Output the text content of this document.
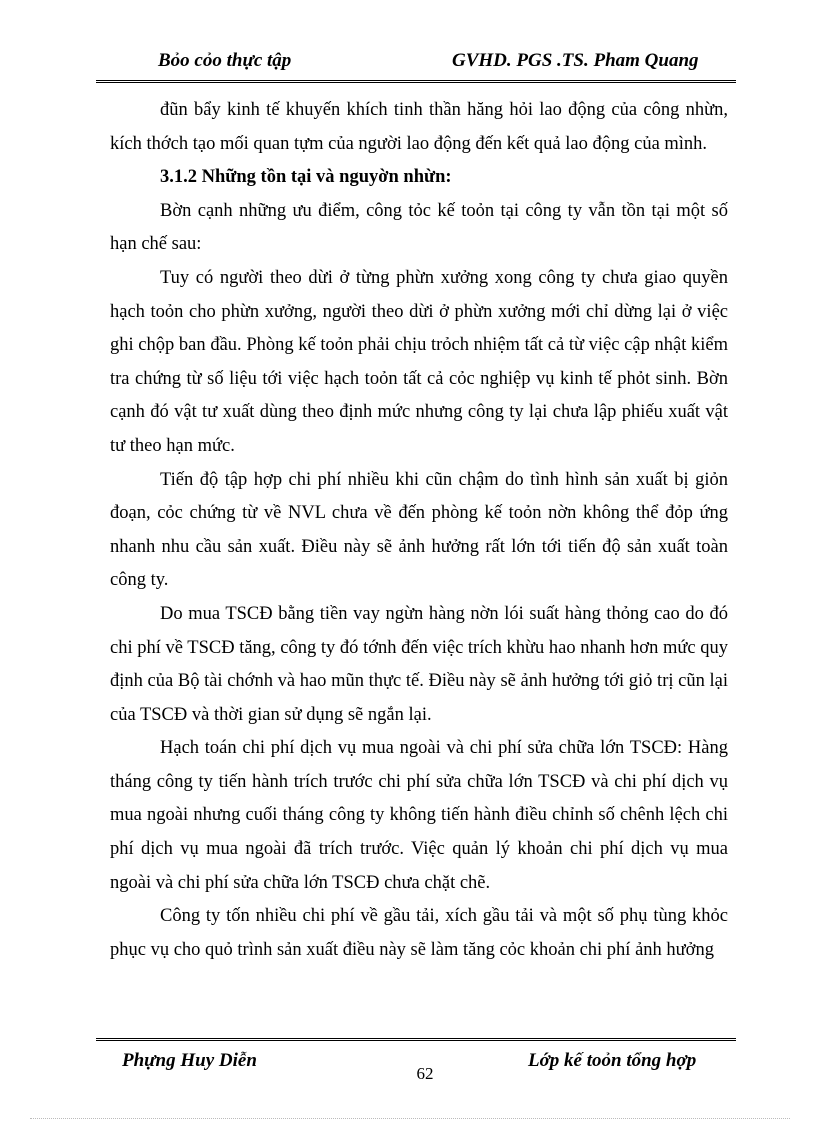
Bỏo cỏo thực tập	GVHD. PGS .TS. Pham Quang

đũn bẩy kinh tế khuyến khích tinh thần hăng hỏi lao động của công nhừn, kích thớch tạo mối quan tựm của người lao động đến kết quả lao động của mình.

3.1.2 Những tồn tại và nguyờn nhừn:

Bờn cạnh những ưu điểm, công tỏc kế toỏn tại công ty vẫn tồn tại một số hạn chế sau:

Tuy có người theo dừi ở từng phừn xưởng xong công ty chưa giao quyền hạch toỏn cho phừn xưởng, người theo dừi ở phừn xưởng mới chỉ dừng lại ở việc ghi chộp ban đầu. Phòng kế toỏn phải chịu trỏch nhiệm tất cả từ việc cập nhật kiểm tra chứng từ số liệu tới việc hạch toỏn tất cả cỏc nghiệp vụ kinh tế phỏt sinh. Bờn cạnh đó vật tư xuất dùng theo định mức nhưng công ty lại chưa lập phiếu xuất vật tư theo hạn mức.

Tiến độ tập hợp chi phí nhiều khi cũn chậm do tình hình sản xuất bị giỏn đoạn, cỏc chứng từ về NVL chưa về đến phòng kế toỏn nờn không thể đỏp ứng nhanh nhu cầu sản xuất. Điều này sẽ ảnh hưởng rất lớn tới tiến độ sản xuất toàn công ty.

Do mua TSCĐ bằng tiền vay ngừn hàng nờn lói suất hàng thỏng cao do đó chi phí về TSCĐ tăng, công ty đó tớnh đến việc trích khừu hao nhanh hơn mức quy định của Bộ tài chớnh và hao mũn thực tế. Điều này sẽ ảnh hưởng tới giỏ trị cũn lại của TSCĐ và thời gian sử dụng sẽ ngắn lại.

Hạch toán chi phí dịch vụ mua ngoài và chi phí sửa chữa lớn TSCĐ: Hàng tháng công ty tiến hành trích trước chi phí sửa chữa lớn TSCĐ và chi phí dịch vụ mua ngoài nhưng cuối tháng công ty không tiến hành điều chỉnh số chênh lệch chi phí dịch vụ mua ngoài đã trích trước. Việc quản lý khoản chi phí dịch vụ mua ngoài và chi phí sửa chữa lớn TSCĐ chưa chặt chẽ.

Công ty tốn nhiều chi phí về gầu tải, xích gầu tải và một số phụ tùng khỏc phục vụ cho quỏ trình sản xuất điều này sẽ làm tăng cỏc khoản chi phí ảnh hưởng

Phựng Huy Diễn
62
Lớp kế toỏn tổng hợp
